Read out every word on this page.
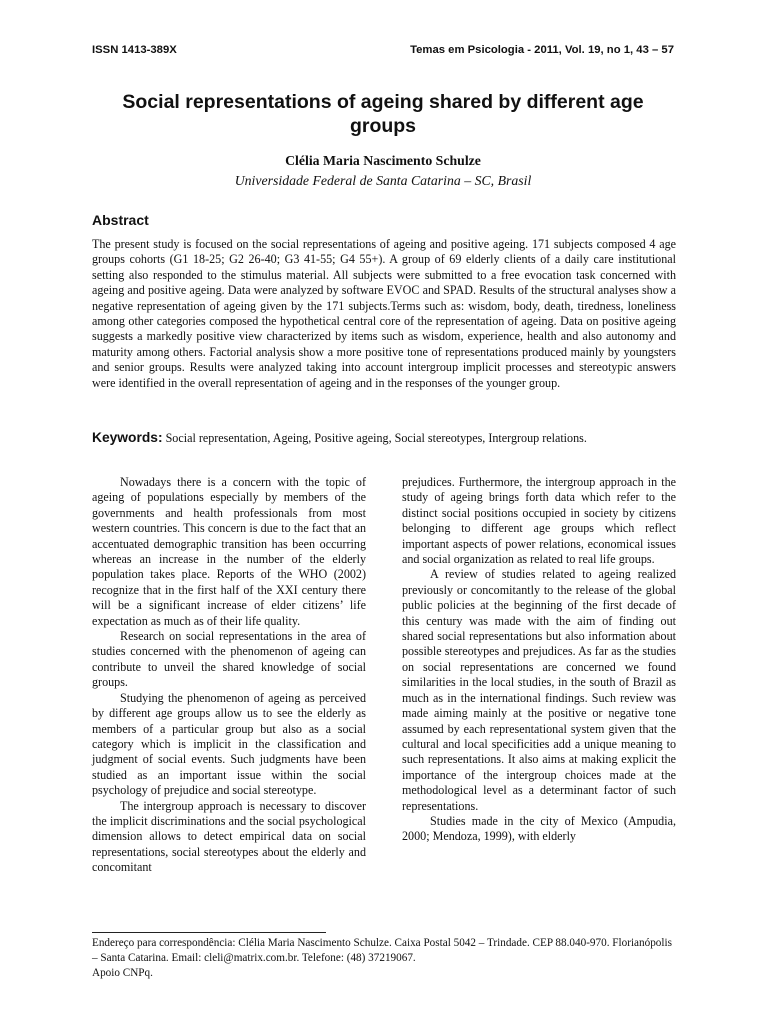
ISSN 1413-389X	Temas em Psicologia - 2011, Vol. 19, no 1, 43 – 57
Social representations of ageing shared by different age groups
Clélia Maria Nascimento Schulze
Universidade Federal de Santa Catarina – SC, Brasil
Abstract
The present study is focused on the social representations of ageing and positive ageing. 171 subjects composed 4 age groups cohorts (G1 18-25; G2 26-40; G3 41-55; G4 55+). A group of 69 elderly clients of a daily care institutional setting also responded to the stimulus material. All subjects were submitted to a free evocation task concerned with ageing and positive ageing. Data were analyzed by software EVOC and SPAD. Results of the structural analyses show a negative representation of ageing given by the 171 subjects.Terms such as: wisdom, body, death, tiredness, loneliness among other categories composed the hypothetical central core of the representation of ageing. Data on positive ageing suggests a markedly positive view characterized by items such as wisdom, experience, health and also autonomy and maturity among others. Factorial analysis show a more positive tone of representations produced mainly by youngsters and senior groups. Results were analyzed taking into account intergroup implicit processes and stereotypic answers were identified in the overall representation of ageing and in the responses of the younger group.
Keywords: Social representation, Ageing, Positive ageing, Social stereotypes, Intergroup relations.

Nowadays there is a concern with the topic of ageing of populations especially by members of the governments and health professionals from most western countries. This concern is due to the fact that an accentuated demographic transition has been occurring whereas an increase in the number of the elderly population takes place. Reports of the WHO (2002) recognize that in the first half of the XXI century there will be a significant increase of elder citizens’ life expectation as much as of their life quality.

Research on social representations in the area of studies concerned with the phenomenon of ageing can contribute to unveil the shared knowledge of social groups.

Studying the phenomenon of ageing as perceived by different age groups allow us to see the elderly as members of a particular group but also as a social category which is implicit in the classification and judgment of social events. Such judgments have been studied as an important issue within the social psychology of prejudice and social stereotype.

The intergroup approach is necessary to discover the implicit discriminations and the social psychological dimension allows to detect empirical data on social representations, social stereotypes about the elderly and concomitant

prejudices. Furthermore, the intergroup approach in the study of ageing brings forth data which refer to the distinct social positions occupied in society by citizens belonging to different age groups which reflect important aspects of power relations, economical issues and social organization as related to real life groups.

A review of studies related to ageing realized previously or concomitantly to the release of the global public policies at the beginning of the first decade of this century was made with the aim of finding out shared social representations but also information about possible stereotypes and prejudices. As far as the studies on social representations are concerned we found similarities in the local studies, in the south of Brazil as much as in the international findings. Such review was made aiming mainly at the positive or negative tone assumed by each representational system given that the cultural and local specificities add a unique meaning to such representations. It also aims at making explicit the importance of the intergroup choices made at the methodological level as a determinant factor of such representations.

Studies made in the city of Mexico (Ampudia, 2000; Mendoza, 1999), with elderly

Endereço para correspondência: Clélia Maria Nascimento Schulze. Caixa Postal 5042 – Trindade. CEP 88.040-970. Florianópolis – Santa Catarina. Email: cleli@matrix.com.br. Telefone: (48) 37219067.
Apoio CNPq.
